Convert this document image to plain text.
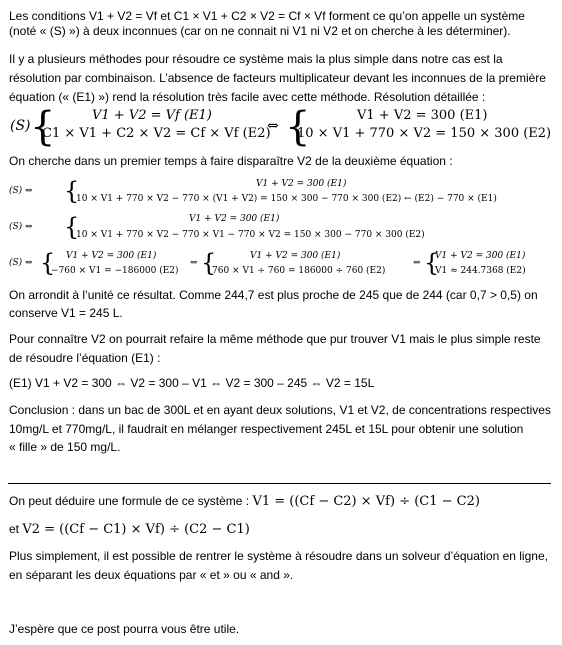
Les conditions V1 + V2 = Vf et C1 × V1 + C2 × V2 = Cf × Vf forment ce qu’on appelle un système
(noté « (S) ») à deux inconnues (car on ne connait ni V1 ni V2 et on cherche à les déterminer).
Il y a plusieurs méthodes pour résoudre ce système mais la plus simple dans notre cas est la
résolution par combinaison. L’absence de facteurs multiplicateur devant les inconnues de la première
équation (« (E1) ») rend la résolution très facile avec cette méthode. Résolution détaillée :
(S) {	V1 + V2 = Vf (E1)
C1 × V1 + C2 × V2 = Cf × Vf (E2)
⇔ {	V1 + V2 = 300 (E1)
10 × V1 + 770 × V2 = 150 × 300 (E2)
On cherche dans un premier temps à faire disparaître V2 de la deuxième équation :
(S) ⇔ {	V1 + V2 = 300 (E1)
10 × V1 + 770 × V2 − 770 × (V1 + V2) = 150 × 300 − 770 × 300 (E2) ← (E2) − 770 × (E1)
(S) ⇔ {	V1 + V2 = 300 (E1)
10 × V1 + 770 × V2 − 770 × V1 − 770 × V2 = 150 × 300 − 770 × 300 (E2)
(S) ⇔ { V1 + V2 = 300 (E1)
−760 × V1 = −186000 (E2)
⇔ {	V1 + V2 = 300 (E1)
760 × V1 ÷ 760 = 186000 ÷ 760 (E2)
⇔ {
V1 + V2 = 300 (E1)
V1 ≈ 244.7368 (E2)
On arrondit à l’unité ce résultat. Comme 244,7 est plus proche de 245 que de 244 (car 0,7 > 0,5) on
conserve V1 = 245 L.
Pour connaître V2 on pourrait refaire la même méthode que pur trouver V1 mais le plus simple reste
de résoudre l’équation (E1) :
(E1) V1 + V2 = 300 ⇔ V2 = 300 – V1 ⇔ V2 = 300 – 245 ⇔ V2 = 15L
Conclusion : dans un bac de 300L et en ayant deux solutions, V1 et V2, de concentrations respectives
10mg/L et 770mg/L, il faudrait en mélanger respectivement 245L et 15L pour obtenir une solution
« fille » de 150 mg/L.
On peut déduire une formule de ce système : V1 = ((Cf − C2) × Vf) ÷ (C1 − C2)
et V2 = ((Cf − C1) × Vf) ÷ (C2 − C1)
Plus simplement, il est possible de rentrer le système à résoudre dans un solveur d’équation en ligne,
en séparant les deux équations par « et » ou « and ».
J’espère que ce post pourra vous être utile.
